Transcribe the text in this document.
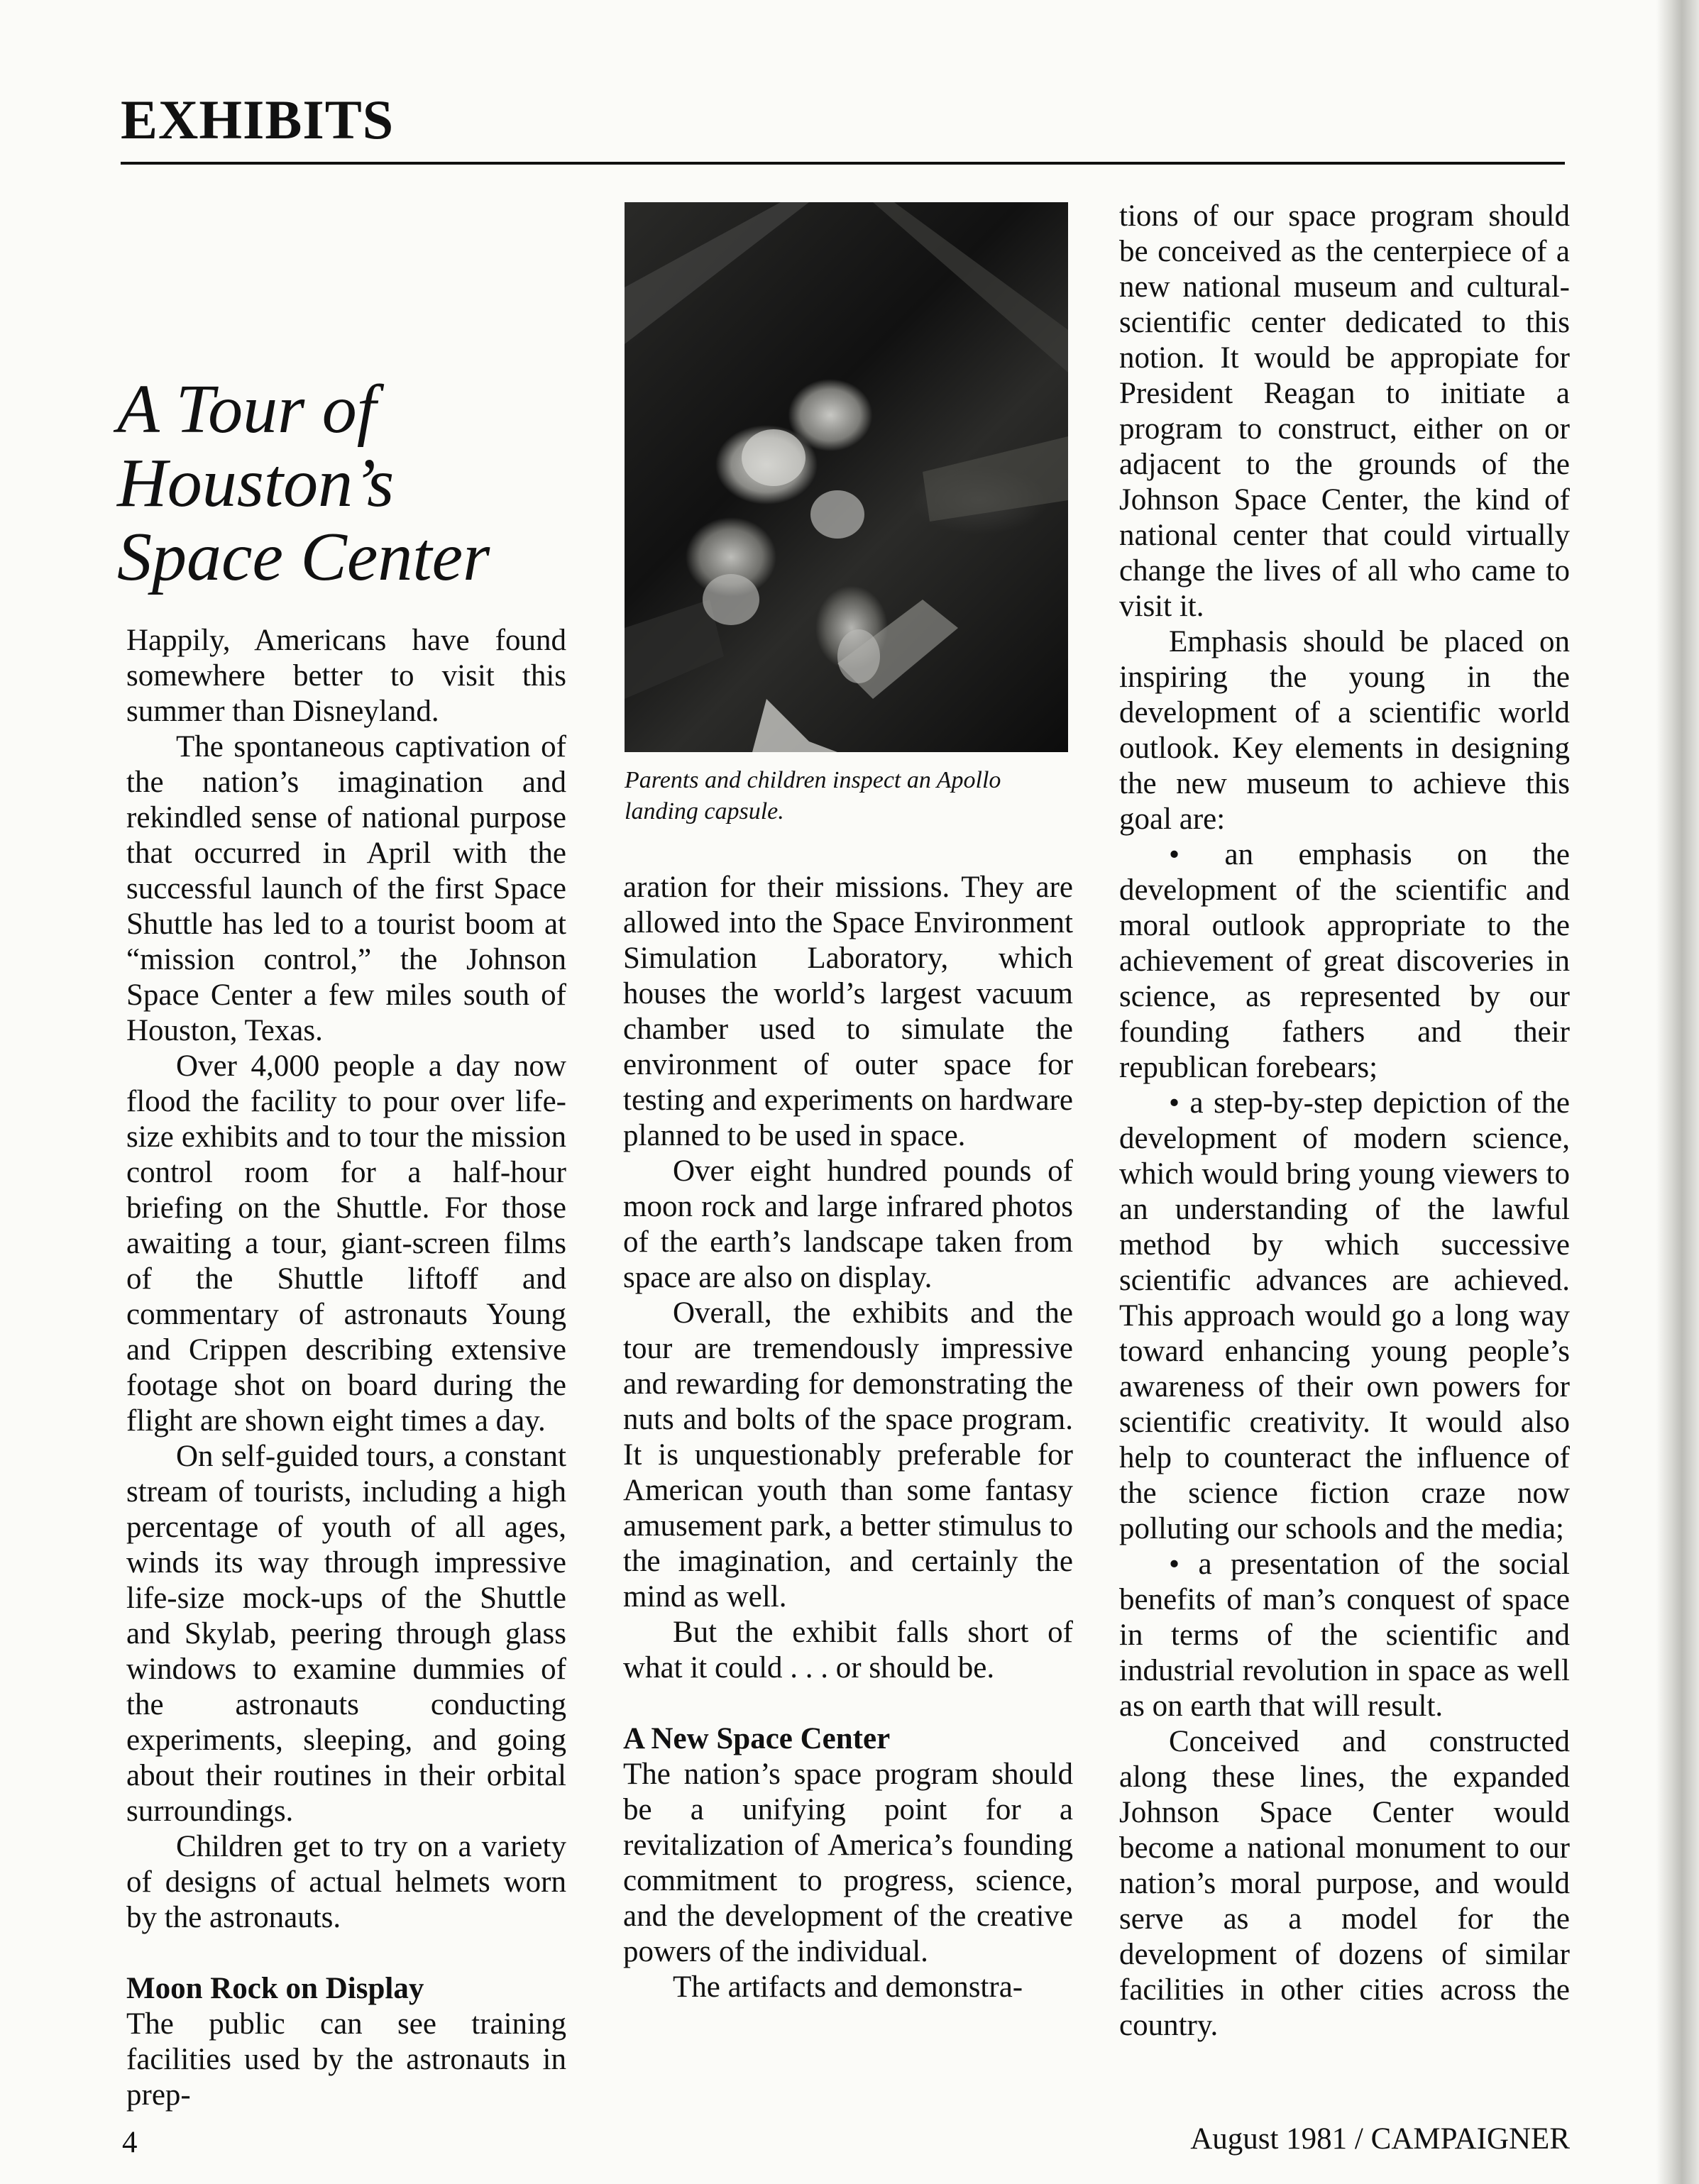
EXHIBITS
A Tour of
Houston’s
Space Center
Parents and children inspect an Apollo landing capsule.

Happily, Americans have found somewhere better to visit this summer than Disneyland.

The spontaneous captivation of the nation’s imagination and rekindled sense of national purpose that occurred in April with the successful launch of the first Space Shuttle has led to a tourist boom at “mission control,” the Johnson Space Center a few miles south of Houston, Texas.

Over 4,000 people a day now flood the facility to pour over life-size exhibits and to tour the mission control room for a half-hour briefing on the Shuttle. For those awaiting a tour, giant-screen films of the Shuttle liftoff and commentary of astronauts Young and Crippen describing extensive footage shot on board during the flight are shown eight times a day.

On self-guided tours, a constant stream of tourists, including a high percentage of youth of all ages, winds its way through impressive life-size mock-ups of the Shuttle and Skylab, peering through glass windows to examine dummies of the astronauts conducting experiments, sleeping, and going about their routines in their orbital surroundings.

Children get to try on a variety of designs of actual helmets worn by the astronauts.

Moon Rock on Display

The public can see training facilities used by the astronauts in prep-

aration for their missions. They are allowed into the Space Environment Simulation Laboratory, which houses the world’s largest vacuum chamber used to simulate the environment of outer space for testing and experiments on hardware planned to be used in space.

Over eight hundred pounds of moon rock and large infrared photos of the earth’s landscape taken from space are also on display.

Overall, the exhibits and the tour are tremendously impressive and rewarding for demonstrating the nuts and bolts of the space program. It is unquestionably preferable for American youth than some fantasy amusement park, a better stimulus to the imagination, and certainly the mind as well.

But the exhibit falls short of what it could . . . or should be.

A New Space Center

The nation’s space program should be a unifying point for a revitalization of America’s founding commitment to progress, science, and the development of the creative powers of the individual.

The artifacts and demonstra-

tions of our space program should be conceived as the centerpiece of a new national museum and cultural-scientific center dedicated to this notion. It would be appropiate for President Reagan to initiate a program to construct, either on or adjacent to the grounds of the Johnson Space Center, the kind of national center that could virtually change the lives of all who came to visit it.

Emphasis should be placed on inspiring the young in the development of a scientific world outlook. Key elements in designing the new museum to achieve this goal are:

• an emphasis on the development of the scientific and moral outlook appropriate to the achievement of great discoveries in science, as represented by our founding fathers and their republican forebears;

• a step-by-step depiction of the development of modern science, which would bring young viewers to an understanding of the lawful method by which successive scientific advances are achieved. This approach would go a long way toward enhancing young people’s awareness of their own powers for scientific creativity. It would also help to counteract the influence of the science fiction craze now polluting our schools and the media;

• a presentation of the social benefits of man’s conquest of space in terms of the scientific and industrial revolution in space as well as on earth that will result.

Conceived and constructed along these lines, the expanded Johnson Space Center would become a national monument to our nation’s moral purpose, and would serve as a model for the development of dozens of similar facilities in other cities across the country.

4	August 1981 / CAMPAIGNER
